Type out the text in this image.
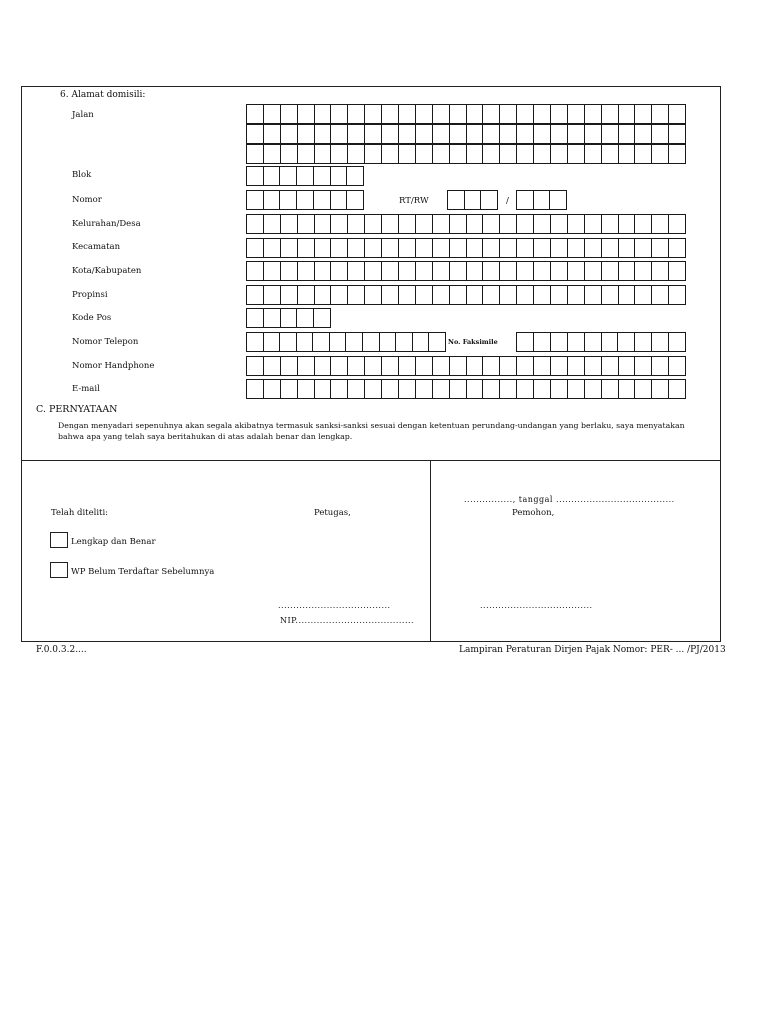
6. Alamat domisili:
Jalan
Blok
Nomor	RT/RW	/
Kelurahan/Desa
Kecamatan
Kota/Kabupaten
Propinsi
Kode Pos
Nomor Telepon	No. Faksimile
Nomor Handphone
E-mail
C. PERNYATAAN
Dengan menyadari sepenuhnya akan segala akibatnya termasuk sanksi-sanksi sesuai dengan ketentuan perundang-undangan yang berlaku, saya menyatakan
bahwa apa yang telah saya beritahukan di atas adalah benar dan lengkap.
Telah diteliti:	Petugas,
................, tanggal .......................................
Pemohon,
Lengkap dan Benar
WP Belum Terdaftar Sebelumnya
.....................................
NIP.......................................
.....................................
F.0.0.3.2....	Lampiran Peraturan Dirjen Pajak Nomor: PER- ... /PJ/2013
